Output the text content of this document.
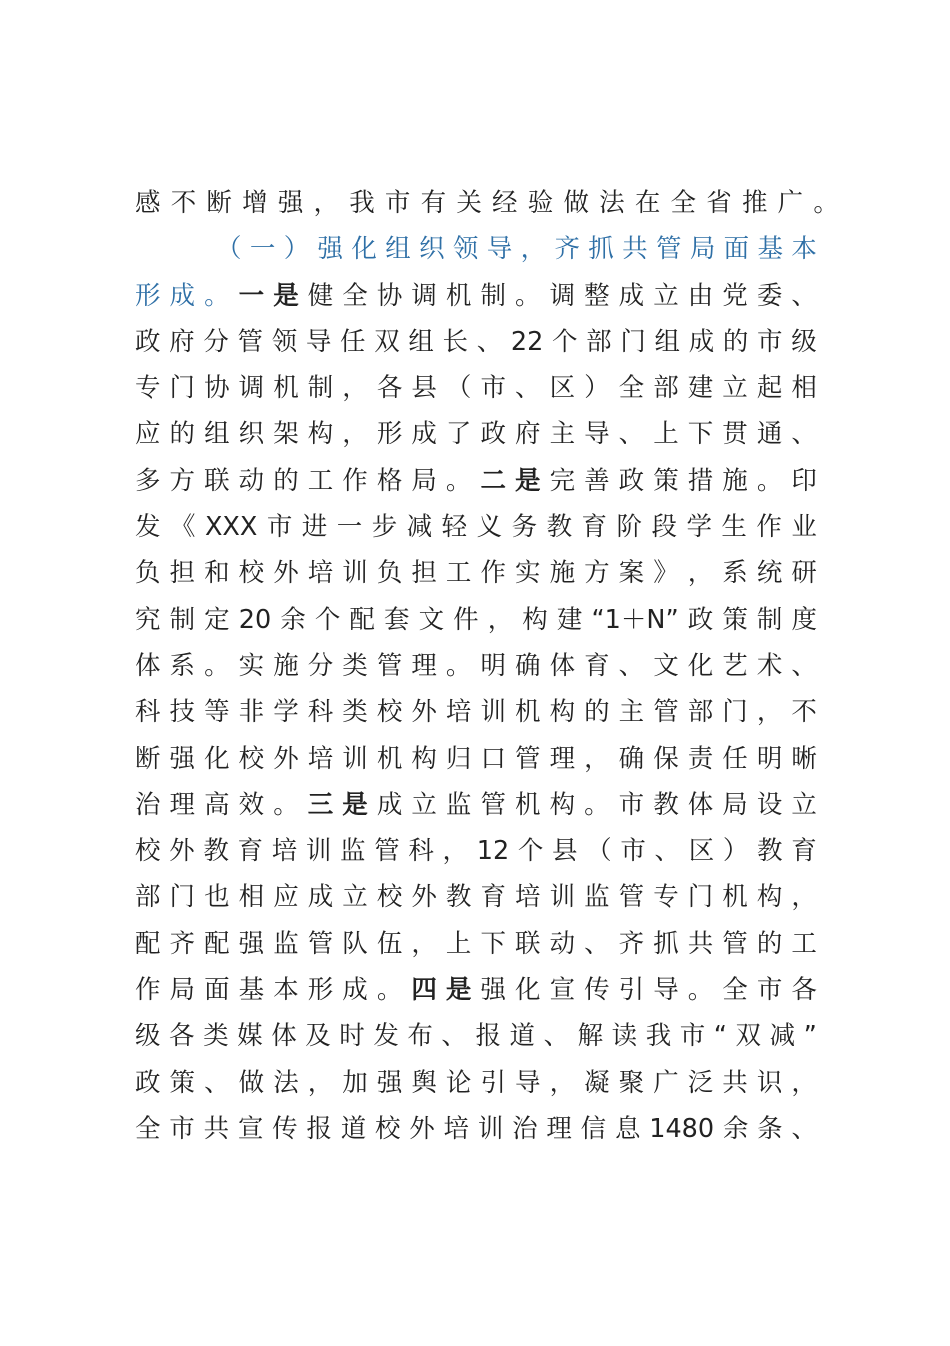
感 不 断 增 强 ， 我 市 有 关 经 验 做 法 在 全 省 推 广 。
（ 一 ） 强 化 组 织 领 导 ， 齐 抓 共 管 局 面 基 本
形 成 。 一 是 健 全 协 调 机 制 。 调 整 成 立 由 党 委 、
政 府 分 管 领 导 任 双 组 长 、 22 个 部 门 组 成 的 市 级
专 门 协 调 机 制 ， 各 县 （ 市 、 区 ） 全 部 建 立 起 相
应 的 组 织 架 构 ， 形 成 了 政 府 主 导 、 上 下 贯 通 、
多 方 联 动 的 工 作 格 局 。 二 是 完 善 政 策 措 施 。 印
发 《 XXX 市 进 一 步 减 轻 义 务 教 育 阶 段 学 生 作 业
负 担 和 校 外 培 训 负 担 工 作 实 施 方 案 》 ， 系 统 研
究 制 定 20 余 个 配 套 文 件 ， 构 建 “1＋N” 政 策 制 度
体 系 。 实 施 分 类 管 理 。 明 确 体 育 、 文 化 艺 术 、
科 技 等 非 学 科 类 校 外 培 训 机 构 的 主 管 部 门 ， 不
断 强 化 校 外 培 训 机 构 归 口 管 理 ， 确 保 责 任 明 晰
治 理 高 效 。 三 是 成 立 监 管 机 构 。 市 教 体 局 设 立
校 外 教 育 培 训 监 管 科 ， 12 个 县 （ 市 、 区 ） 教 育
部 门 也 相 应 成 立 校 外 教 育 培 训 监 管 专 门 机 构 ，
配 齐 配 强 监 管 队 伍 ， 上 下 联 动 、 齐 抓 共 管 的 工
作 局 面 基 本 形 成 。 四 是 强 化 宣 传 引 导 。 全 市 各
级 各 类 媒 体 及 时 发 布 、 报 道 、 解 读 我 市 “ 双 减 ”
政 策 、 做 法 ， 加 强 舆 论 引 导 ， 凝 聚 广 泛 共 识 ，
全 市 共 宣 传 报 道 校 外 培 训 治 理 信 息 1480 余 条 、
